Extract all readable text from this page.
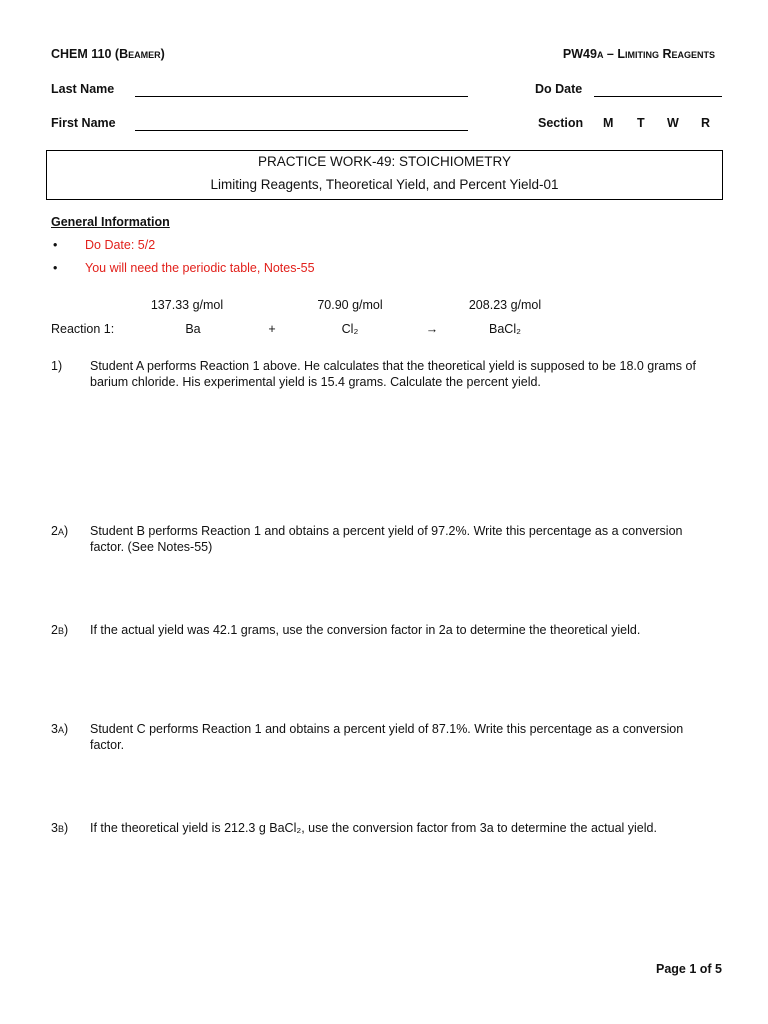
CHEM 110 (Beamer)	PW49a – Limiting Reagents
Last Name	Do Date
First Name	Section M T W R
PRACTICE WORK-49: STOICHIOMETRY
Limiting Reagents, Theoretical Yield, and Percent Yield-01
General Information
• Do Date: 5/2
• You will need the periodic table, Notes-55
137.33 g/mol	70.90 g/mol	208.23 g/mol
Reaction 1:	Ba	+	Cl₂	→	BaCl₂
1) Student A performs Reaction 1 above. He calculates that the theoretical yield is supposed to be 18.0 grams of barium chloride. His experimental yield is 15.4 grams. Calculate the percent yield.
2a) Student B performs Reaction 1 and obtains a percent yield of 97.2%. Write this percentage as a conversion factor. (See Notes-55)
2b) If the actual yield was 42.1 grams, use the conversion factor in 2a to determine the theoretical yield.
3a) Student C performs Reaction 1 and obtains a percent yield of 87.1%. Write this percentage as a conversion factor.
3b) If the theoretical yield is 212.3 g BaCl₂, use the conversion factor from 3a to determine the actual yield.
Page 1 of 5
